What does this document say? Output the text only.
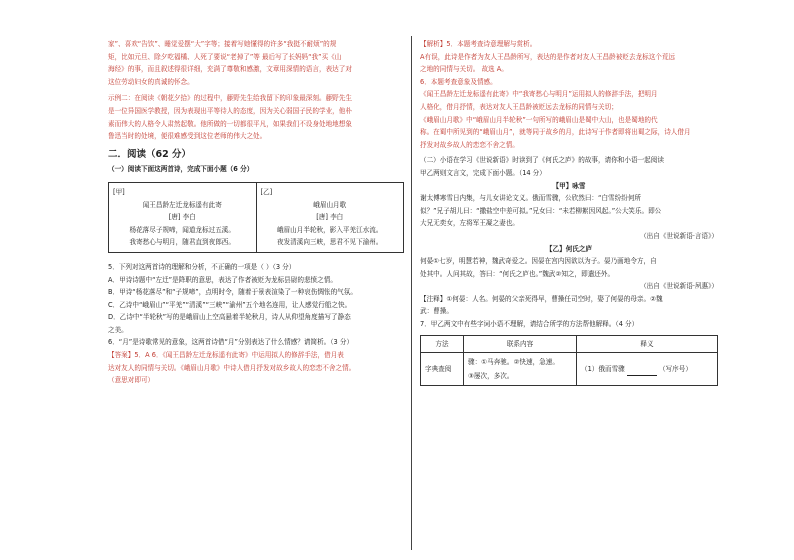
家”、喜欢“告饮”、睡觉爱摆“大”字等；接着写她懂得的许多“我挺不耐烦”的规

矩，比如元旦、除夕吃福橘、人死了要说“老掉了”等 最后写了长妈妈“我”买《山

海经》的事，而且叙述得很详细，充满了尊敬和感激，文章用深情的语言，表达了对

这位劳动妇女的真诚的怀念。

示例二：在阅读《朝花夕拾》的过程中，藤野先生给我留下的印象最深刻。藤野先生

是一位异国医学教授，因为表现出平等待人的态度，因为关心弱国子民的学业，他朴

素而伟大的人格令人肃然起敬。他所做的一切都很平凡，如果我们不设身处地地想象

鲁迅当时的处境，便很难感受到这位老师的伟大之处。

二．阅读（62 分）
（一）阅读下面这两首诗，完成下面小题（6 分）

[甲]

闻王昌龄左迁龙标遥有此寄

[唐] 李白

杨花落尽子规啼，闻道龙标过五溪。

我寄愁心与明月，随君直到夜郎西。

[乙]

峨眉山月歌

[唐] 李白

峨眉山月半轮秋，影入平羌江水流。

夜发清溪向三峡，思君不见下渝州。

5．下列对这两首诗的理解和分析，不正确的一项是（ ）（3 分）

A．甲诗诗题中“左迁”是降职的意思，表达了作者被贬为龙标县尉的悲愤之情。

B．甲诗“杨花落尽”和“子规啼”，点明时令，随着于景表渲染了一种哀伤惆怅的气氛。

C．乙诗中“峨眉山”“平羌”“清溪”“三峡”“渝州”五个地名连用，让人感觉行船之快。

D．乙诗中“半轮秋”写的是峨眉山上空高悬着半轮秋月，诗人从仰望角度描写了静态

之美。

6．“月”是诗歌常见的意象，这两首诗借“月”分别表达了什么情感？请简析。（3 分）

【答案】5．A 6．《闻王昌龄左迁龙标遥有此寄》中运用拟人的修辞手法，借月表

达对友人的同情与关切。《峨眉山月歌》中诗人借月抒发对故乡故人的恋恋不舍之情。

（意思对即可）

【解析】5．本题考查诗意理解与赏析。

A有误，此诗是作者为友人王昌龄所写，表达的是作者对友人王昌龄被贬去龙标这个荒远

之地的同情与关切。 故选 A。

6．本题考查意象及情感。

《闻王昌龄左迁龙标遥有此寄》中“我寄愁心与明月”运用拟人的修辞手法，把明月

人格化，借月抒情，表达对友人王昌龄被贬远去龙标的同情与关切；

《峨眉山月歌》中“峨眉山月半轮秋”一句所写的峨眉山是蜀中大山，也是蜀地的代

称。在蜀中所见到的“峨眉山月”，就等同于故乡的月，此诗写于作者即将出蜀之际，诗人借月

抒发对故乡故人的恋恋不舍之情。

（二）小语在学习《世说新语》时读到了《何氏之庐》的故事，请你和小语一起阅读

甲乙两则文言文，完成下面小题。（14 分）

【甲】咏雪

谢太傅寒雪日内集，与儿女讲论文义。俄而雪骤，公欣然曰：“白雪纷纷何所

似？”兄子胡儿曰：“撒盐空中差可拟。”兄女曰：“未若柳絮因风起。”公大笑乐。即公

大兄无奕女，左将军王凝之妻也。

（出自《世说新语·言语》）

【乙】何氏之庐

何晏①七岁，明慧若神，魏武奇爱之。因晏在宫内因欲以为子。晏乃画地令方，自

处其中。人问其故，答曰：“何氏之庐也。”魏武②知之，即遣还外。

（出自《世说新语·夙惠》）

【注释】①何晏：人名。何晏的父亲死得早，曹操任司空时，娶了何晏的母亲。②魏

武：曹操。

7．甲乙两文中有些字词小语不理解，请结合所学的方法帮他解释。（4 分）

方法	联系内容	释义
字典查阅	骤：①马奔驰。②快速，急速。
③屡次，多次。	（1）俄而雪骤 （写序号）
